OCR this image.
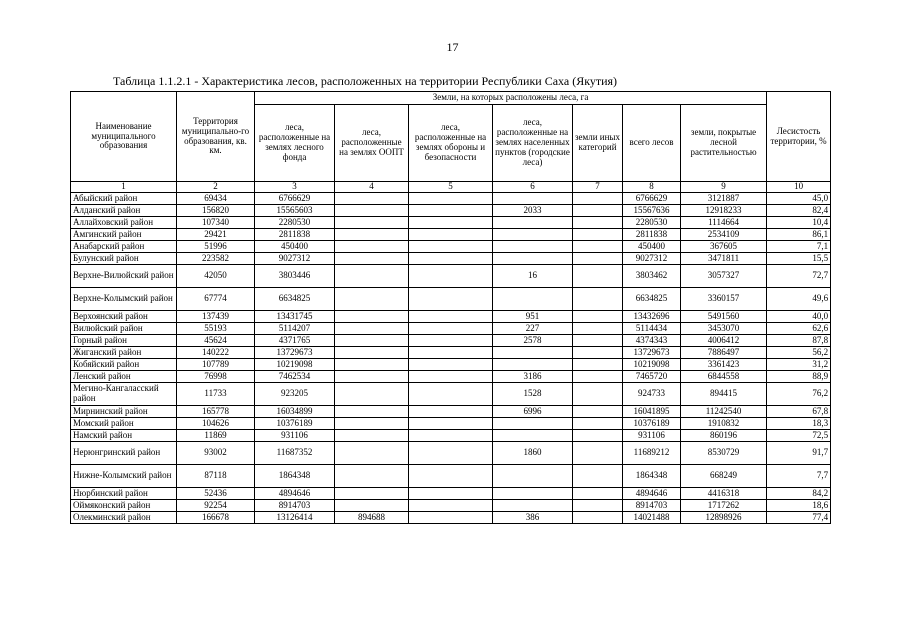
17
Таблица 1.1.2.1 - Характеристика лесов, расположенных на территории Республики Саха (Якутия)
Наименование муниципального образования	Территория муниципально-го образования, кв. км.	Земли, на которых расположены леса, га							Лесистость территории, %
		леса, расположенные на землях лесного фонда	леса, расположенные на землях ООПТ	леса, расположенные на землях обороны и безопасности	леса, расположенные на землях населенных пунктов (городские леса)	земли иных категорий	всего лесов	земли, покрытые лесной растительностью	
1	2	3	4	5	6	7	8	9	10
Абыйский район	69434	6766629					6766629	3121887	45,0
Алданский район	156820	15565603			2033		15567636	12918233	82,4
Аллайховский район	107340	2280530					2280530	1114664	10,4
Амгинский район	29421	2811838					2811838	2534109	86,1
Анабарский район	51996	450400					450400	367605	7,1
Булунский район	223582	9027312					9027312	3471811	15,5
Верхне-Вилюйский район	42050	3803446			16		3803462	3057327	72,7
Верхне-Колымский район	67774	6634825					6634825	3360157	49,6
Верхоянский район	137439	13431745			951		13432696	5491560	40,0
Вилюйский район	55193	5114207			227		5114434	3453070	62,6
Горный район	45624	4371765			2578		4374343	4006412	87,8
Жиганский район	140222	13729673					13729673	7886497	56,2
Кобяйский район	107789	10219098					10219098	3361423	31,2
Ленский район	76998	7462534			3186		7465720	6844558	88,9
Мегино-Кангаласский район	11733	923205			1528		924733	894415	76,2
Мирнинский район	165778	16034899			6996		16041895	11242540	67,8
Момский район	104626	10376189					10376189	1910832	18,3
Намский район	11869	931106					931106	860196	72,5
Нерюнгринский район	93002	11687352			1860		11689212	8530729	91,7
Нижне-Колымский район	87118	1864348					1864348	668249	7,7
Нюрбинский район	52436	4894646					4894646	4416318	84,2
Оймяконский район	92254	8914703					8914703	1717262	18,6
Олекминский район	166678	13126414	894688		386		14021488	12898926	77,4
